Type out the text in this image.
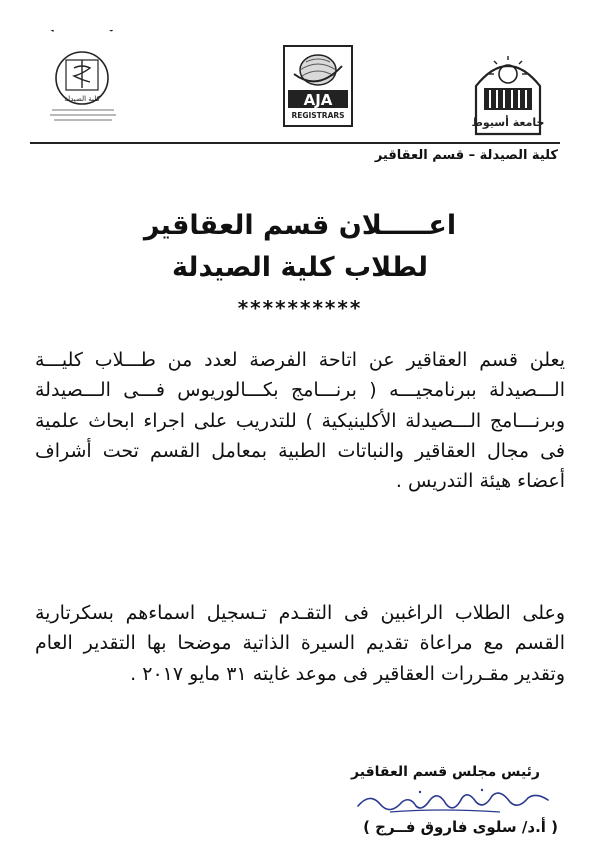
I
كلية الصيدلة	AJA
REGISTRARS
جامعة أسيوط
كلية الصيدلة – قسم العقاقير
اعـــــلان قسم العقاقير
لطلاب كلية الصيدلة
**********

يعلن قسم العقاقير عن اتاحة الفرصة لعدد من طـــلاب كليـــة الـــصيدلة ببرنامجيـــه ( برنـــامج بكـــالوريوس فـــى الـــصيدلة وبرنـــامج الـــصيدلة الأكلينيكية ) للتدريب على اجراء ابحاث علمية فى مجال العقاقير والنباتات الطبية بمعامل القسم تحت أشراف أعضاء هيئة التدريس .

وعلى الطلاب الراغبين فى التقـدم تـسجيل اسماءهم بسكرتارية القسم مع مراعاة تقديم السيرة الذاتية موضحا بها التقدير العام وتقدير مقـررات العقاقير فى موعد غايته ٣١ مايو ٢٠١٧ .

رئيس مجلس قسم العقاقير
( أ.د/ سلوى فاروق فــرج )
